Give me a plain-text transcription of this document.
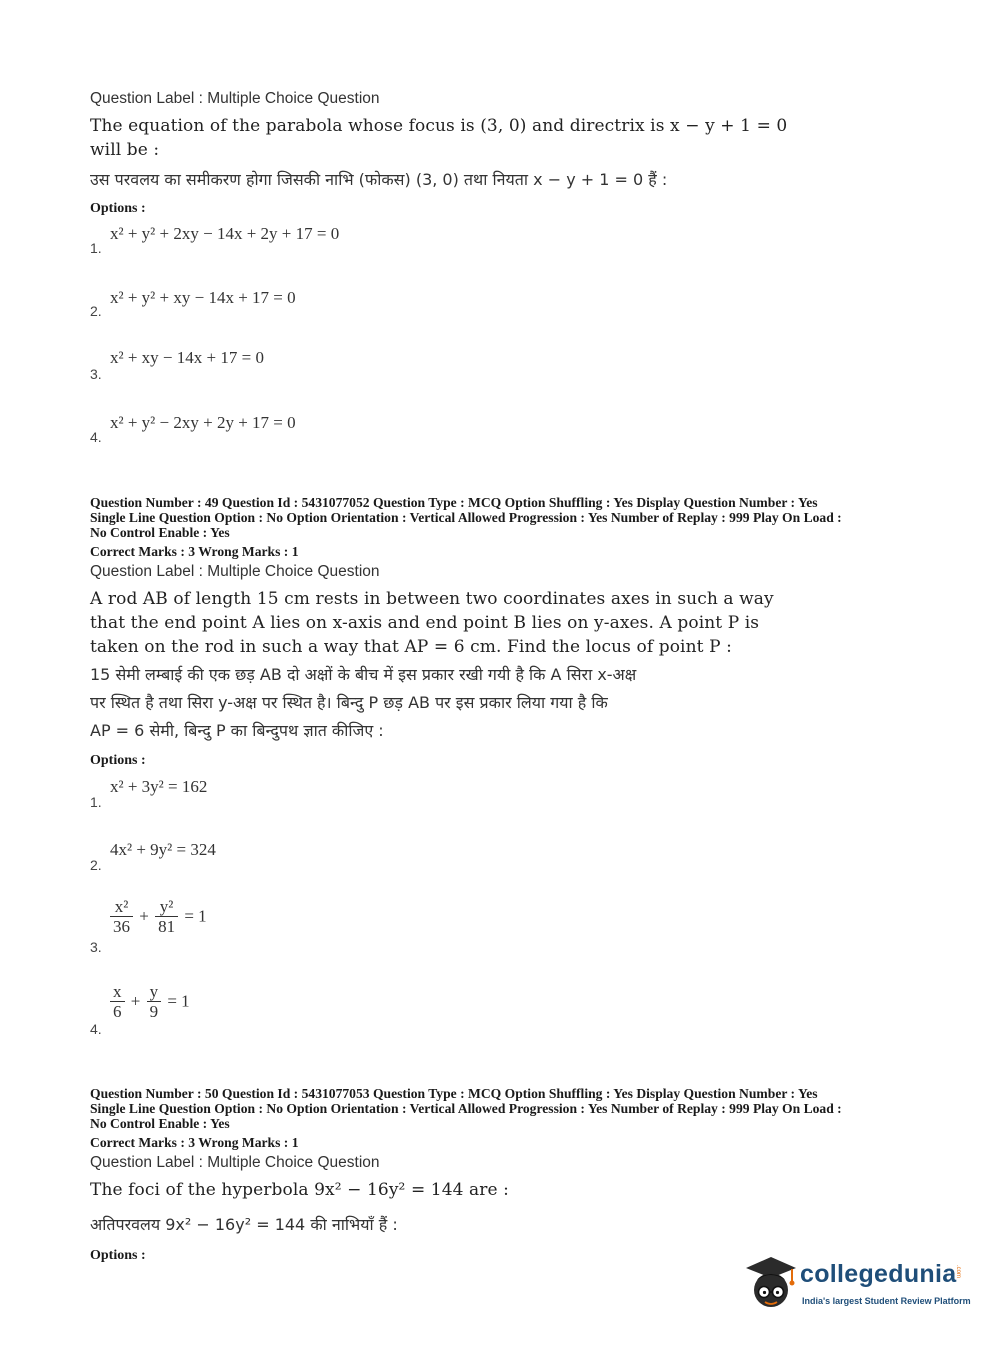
Question Label : Multiple Choice Question
The equation of the parabola whose focus is (3, 0) and directrix is x − y + 1 = 0
will be :
उस परवलय का समीकरण होगा जिसकी नाभि (फोकस) (3, 0) तथा नियता x − y + 1 = 0 हैं :
Options :
1.
x² + y² + 2xy − 14x + 2y + 17 = 0
2.
x² + y² + xy − 14x + 17 = 0
3.
x² + xy − 14x + 17 = 0
4.
x² + y² − 2xy + 2y + 17 = 0
Question Number : 49 Question Id : 5431077052 Question Type : MCQ Option Shuffling : Yes Display Question Number : Yes
Single Line Question Option : No Option Orientation : Vertical Allowed Progression : Yes Number of Replay : 999 Play On Load :
No Control Enable : Yes
Correct Marks : 3 Wrong Marks : 1
Question Label : Multiple Choice Question
A rod AB of length 15 cm rests in between two coordinates axes in such a way
that the end point A lies on x-axis and end point B lies on y-axes. A point P is
taken on the rod in such a way that AP = 6 cm. Find the locus of point P :
15 सेमी लम्बाई की एक छड़ AB दो अक्षों के बीच में इस प्रकार रखी गयी है कि A सिरा x-अक्ष
पर स्थित है तथा सिरा y-अक्ष पर स्थित है। बिन्दु P छड़ AB पर इस प्रकार लिया गया है कि
AP = 6 सेमी, बिन्दु P का बिन्दुपथ ज्ञात कीजिए :
Options :
1.
x² + 3y² = 162
2.
4x² + 9y² = 324
3.
$\frac{\text{x²}}{36} + \frac{\text{y²}}{81} = 1$
4.
$\frac{x}{6} + \frac{y}{9} = 1$
Question Number : 50 Question Id : 5431077053 Question Type : MCQ Option Shuffling : Yes Display Question Number : Yes
Single Line Question Option : No Option Orientation : Vertical Allowed Progression : Yes Number of Replay : 999 Play On Load :
No Control Enable : Yes
Correct Marks : 3 Wrong Marks : 1
Question Label : Multiple Choice Question
The foci of the hyperbola 9x² − 16y² = 144 are :
अतिपरवलय 9x² − 16y² = 144 की नाभियाँ हैं :
Options :
collegedunia
.com
India's largest Student Review Platform
